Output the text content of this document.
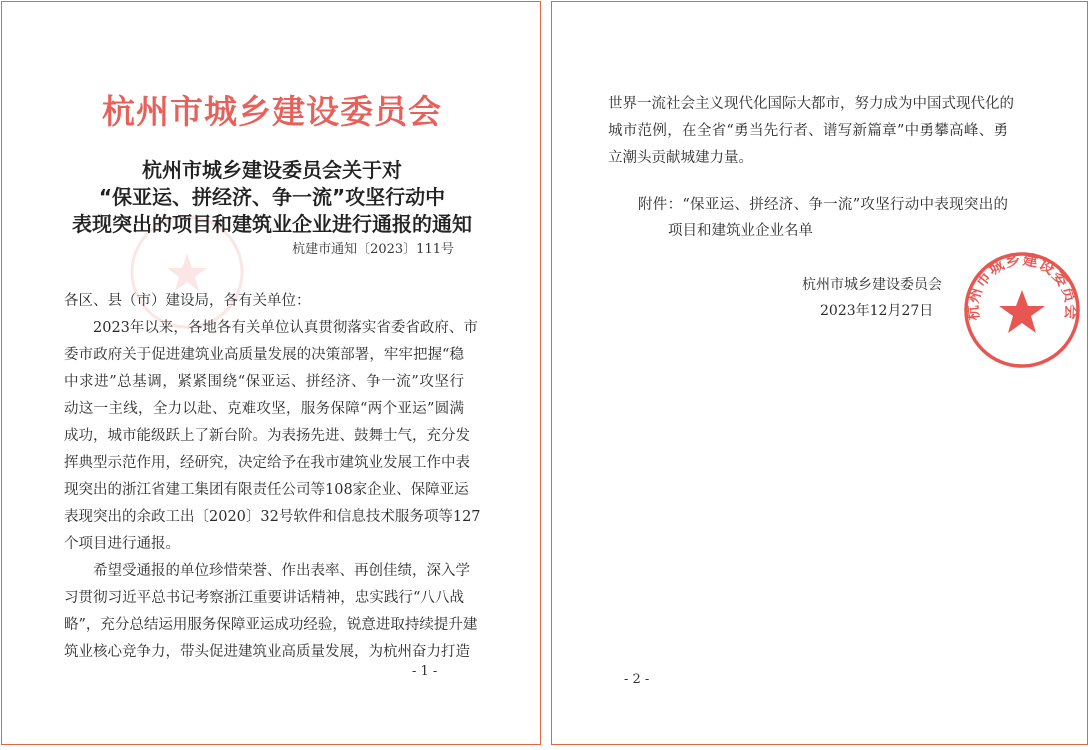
杭州市城乡建设委员会
杭州市城乡建设委员会关于对
“保亚运、拼经济、争一流”攻坚行动中
表现突出的项目和建筑业企业进行通报的通知
杭建市通知〔2023〕111号
各区、县（市）建设局，各有关单位：
　　2023年以来，各地各有关单位认真贯彻落实省委省政府、市
委市政府关于促进建筑业高质量发展的决策部署，牢牢把握“稳
中求进”总基调，紧紧围绕“保亚运、拼经济、争一流”攻坚行
动这一主线，全力以赴、克难攻坚，服务保障“两个亚运”圆满
成功，城市能级跃上了新台阶。为表扬先进、鼓舞士气，充分发
挥典型示范作用，经研究，决定给予在我市建筑业发展工作中表
现突出的浙江省建工集团有限责任公司等108家企业、保障亚运
表现突出的余政工出〔2020〕32号软件和信息技术服务项等127
个项目进行通报。
　　希望受通报的单位珍惜荣誉、作出表率、再创佳绩，深入学
习贯彻习近平总书记考察浙江重要讲话精神，忠实践行“八八战
略”，充分总结运用服务保障亚运成功经验，锐意进取持续提升建
筑业核心竞争力，带头促进建筑业高质量发展，为杭州奋力打造
- 1 -
世界一流社会主义现代化国际大都市，努力成为中国式现代化的
城市范例，在全省“勇当先行者、谱写新篇章”中勇攀高峰、勇
立潮头贡献城建力量。
附件：“保亚运、拼经济、争一流”攻坚行动中表现突出的
项目和建筑业企业名单
杭州市城乡建设委员会
杭州市城乡建设委员会
2023年12月27日
- 2 -
